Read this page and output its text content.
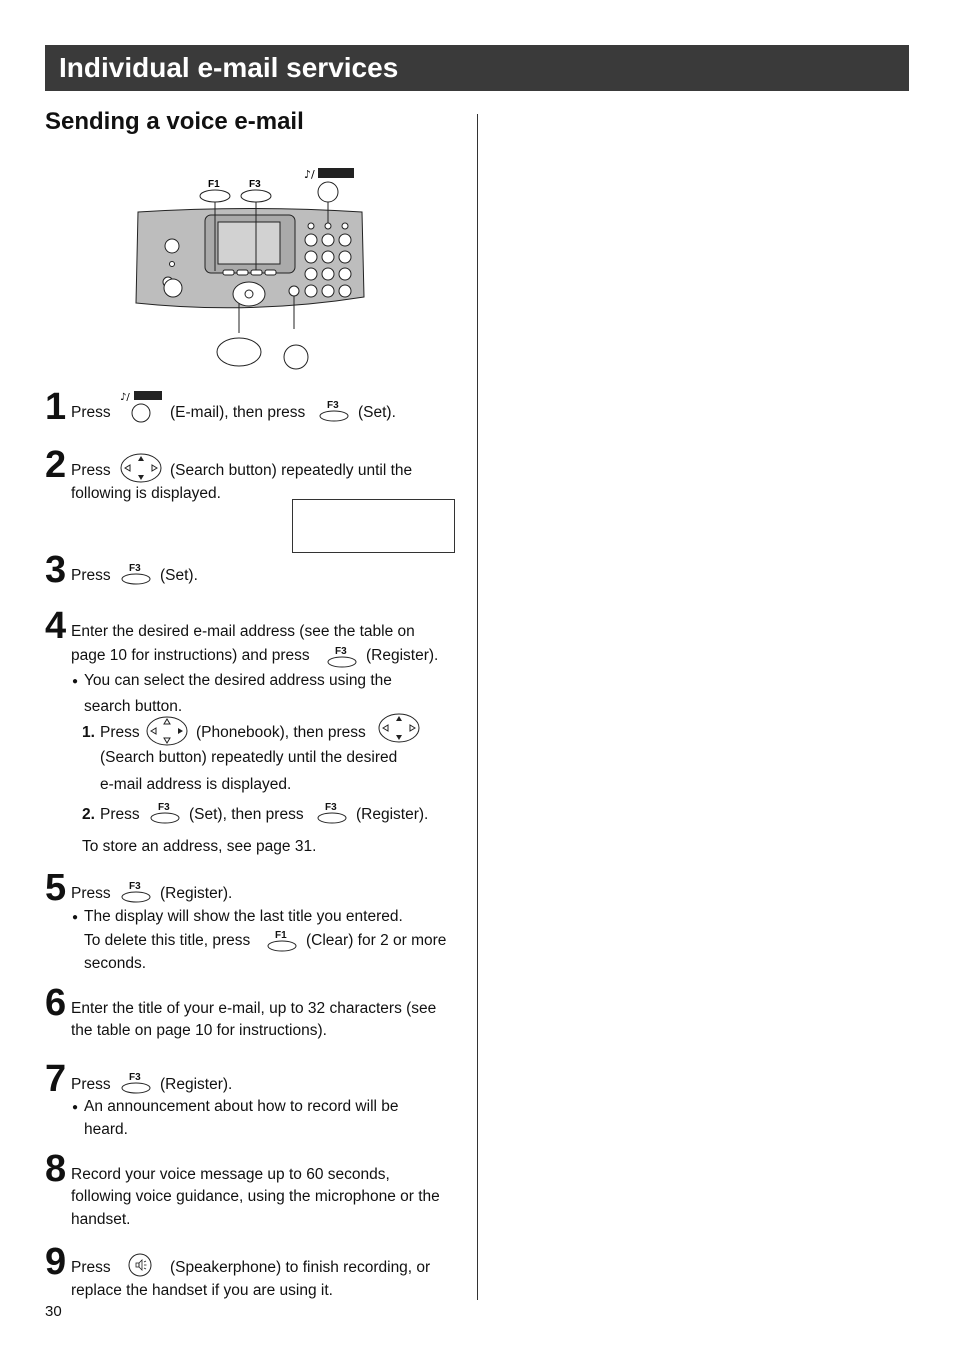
Individual e-mail services
Sending a voice e-mail
F1	F3
♪/
1 Press
♪/
(E-mail), then press F3 (Set).
2 Press	(Search button) repeatedly until the
following is displayed.
3 Press F3 (Set).
4 Enter the desired e-mail address (see the table on
page 10 for instructions) and press	F3 (Register).
● You can select the desired address using the
search button.
1. Press	(Phonebook), then press
(Search button) repeatedly until the desired
e-mail address is displayed.
2. Press F3 (Set), then press F3 (Register).
To store an address, see page 31.
5 Press F3 (Register).
● The display will show the last title you entered.
To delete this title, press F1 (Clear) for 2 or more
seconds.
6 Enter the title of your e-mail, up to 32 characters (see
the table on page 10 for instructions).
7 Press F3 (Register).
● An announcement about how to record will be
heard.
8 Record your voice message up to 60 seconds,
following voice guidance, using the microphone or the
handset.
9 Press	(Speakerphone) to finish recording, or
replace the handset if you are using it.
30
